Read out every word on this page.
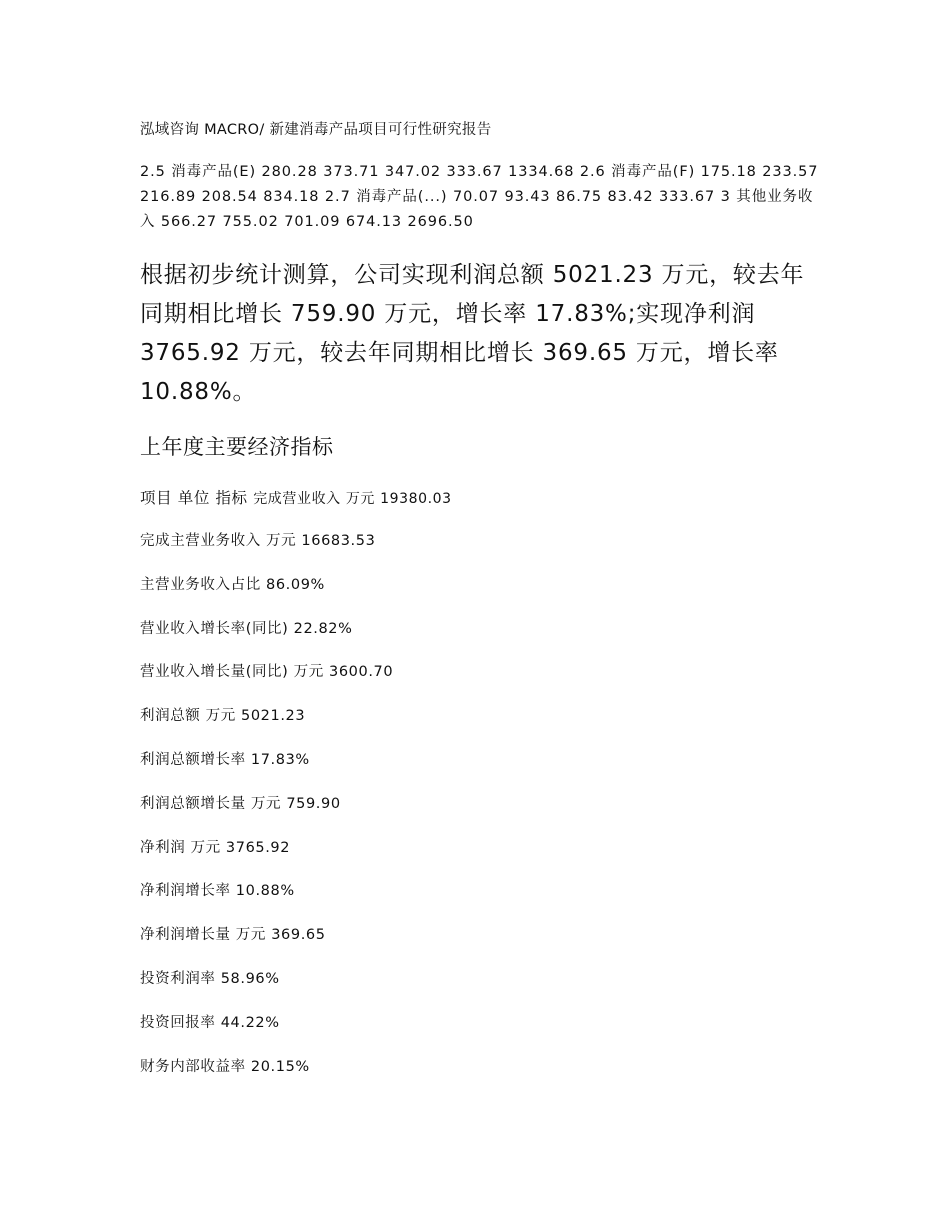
泓域咨询 MACRO/ 新建消毒产品项目可行性研究报告
2.5 消毒产品(E) 280.28 373.71 347.02 333.67 1334.68 2.6 消毒产品(F) 175.18 233.57 216.89 208.54 834.18 2.7 消毒产品(...) 70.07 93.43 86.75 83.42 333.67 3 其他业务收入 566.27 755.02 701.09 674.13 2696.50
根据初步统计测算，公司实现利润总额 5021.23 万元，较去年同期相比增长 759.90 万元，增长率 17.83%;实现净利润 3765.92 万元，较去年同期相比增长 369.65 万元，增长率 10.88%。
上年度主要经济指标
项目 单位 指标 完成营业收入 万元 19380.03
完成主营业务收入 万元 16683.53
主营业务收入占比 86.09%
营业收入增长率(同比) 22.82%
营业收入增长量(同比) 万元 3600.70
利润总额 万元 5021.23
利润总额增长率 17.83%
利润总额增长量 万元 759.90
净利润 万元 3765.92
净利润增长率 10.88%
净利润增长量 万元 369.65
投资利润率 58.96%
投资回报率 44.22%
财务内部收益率 20.15%
